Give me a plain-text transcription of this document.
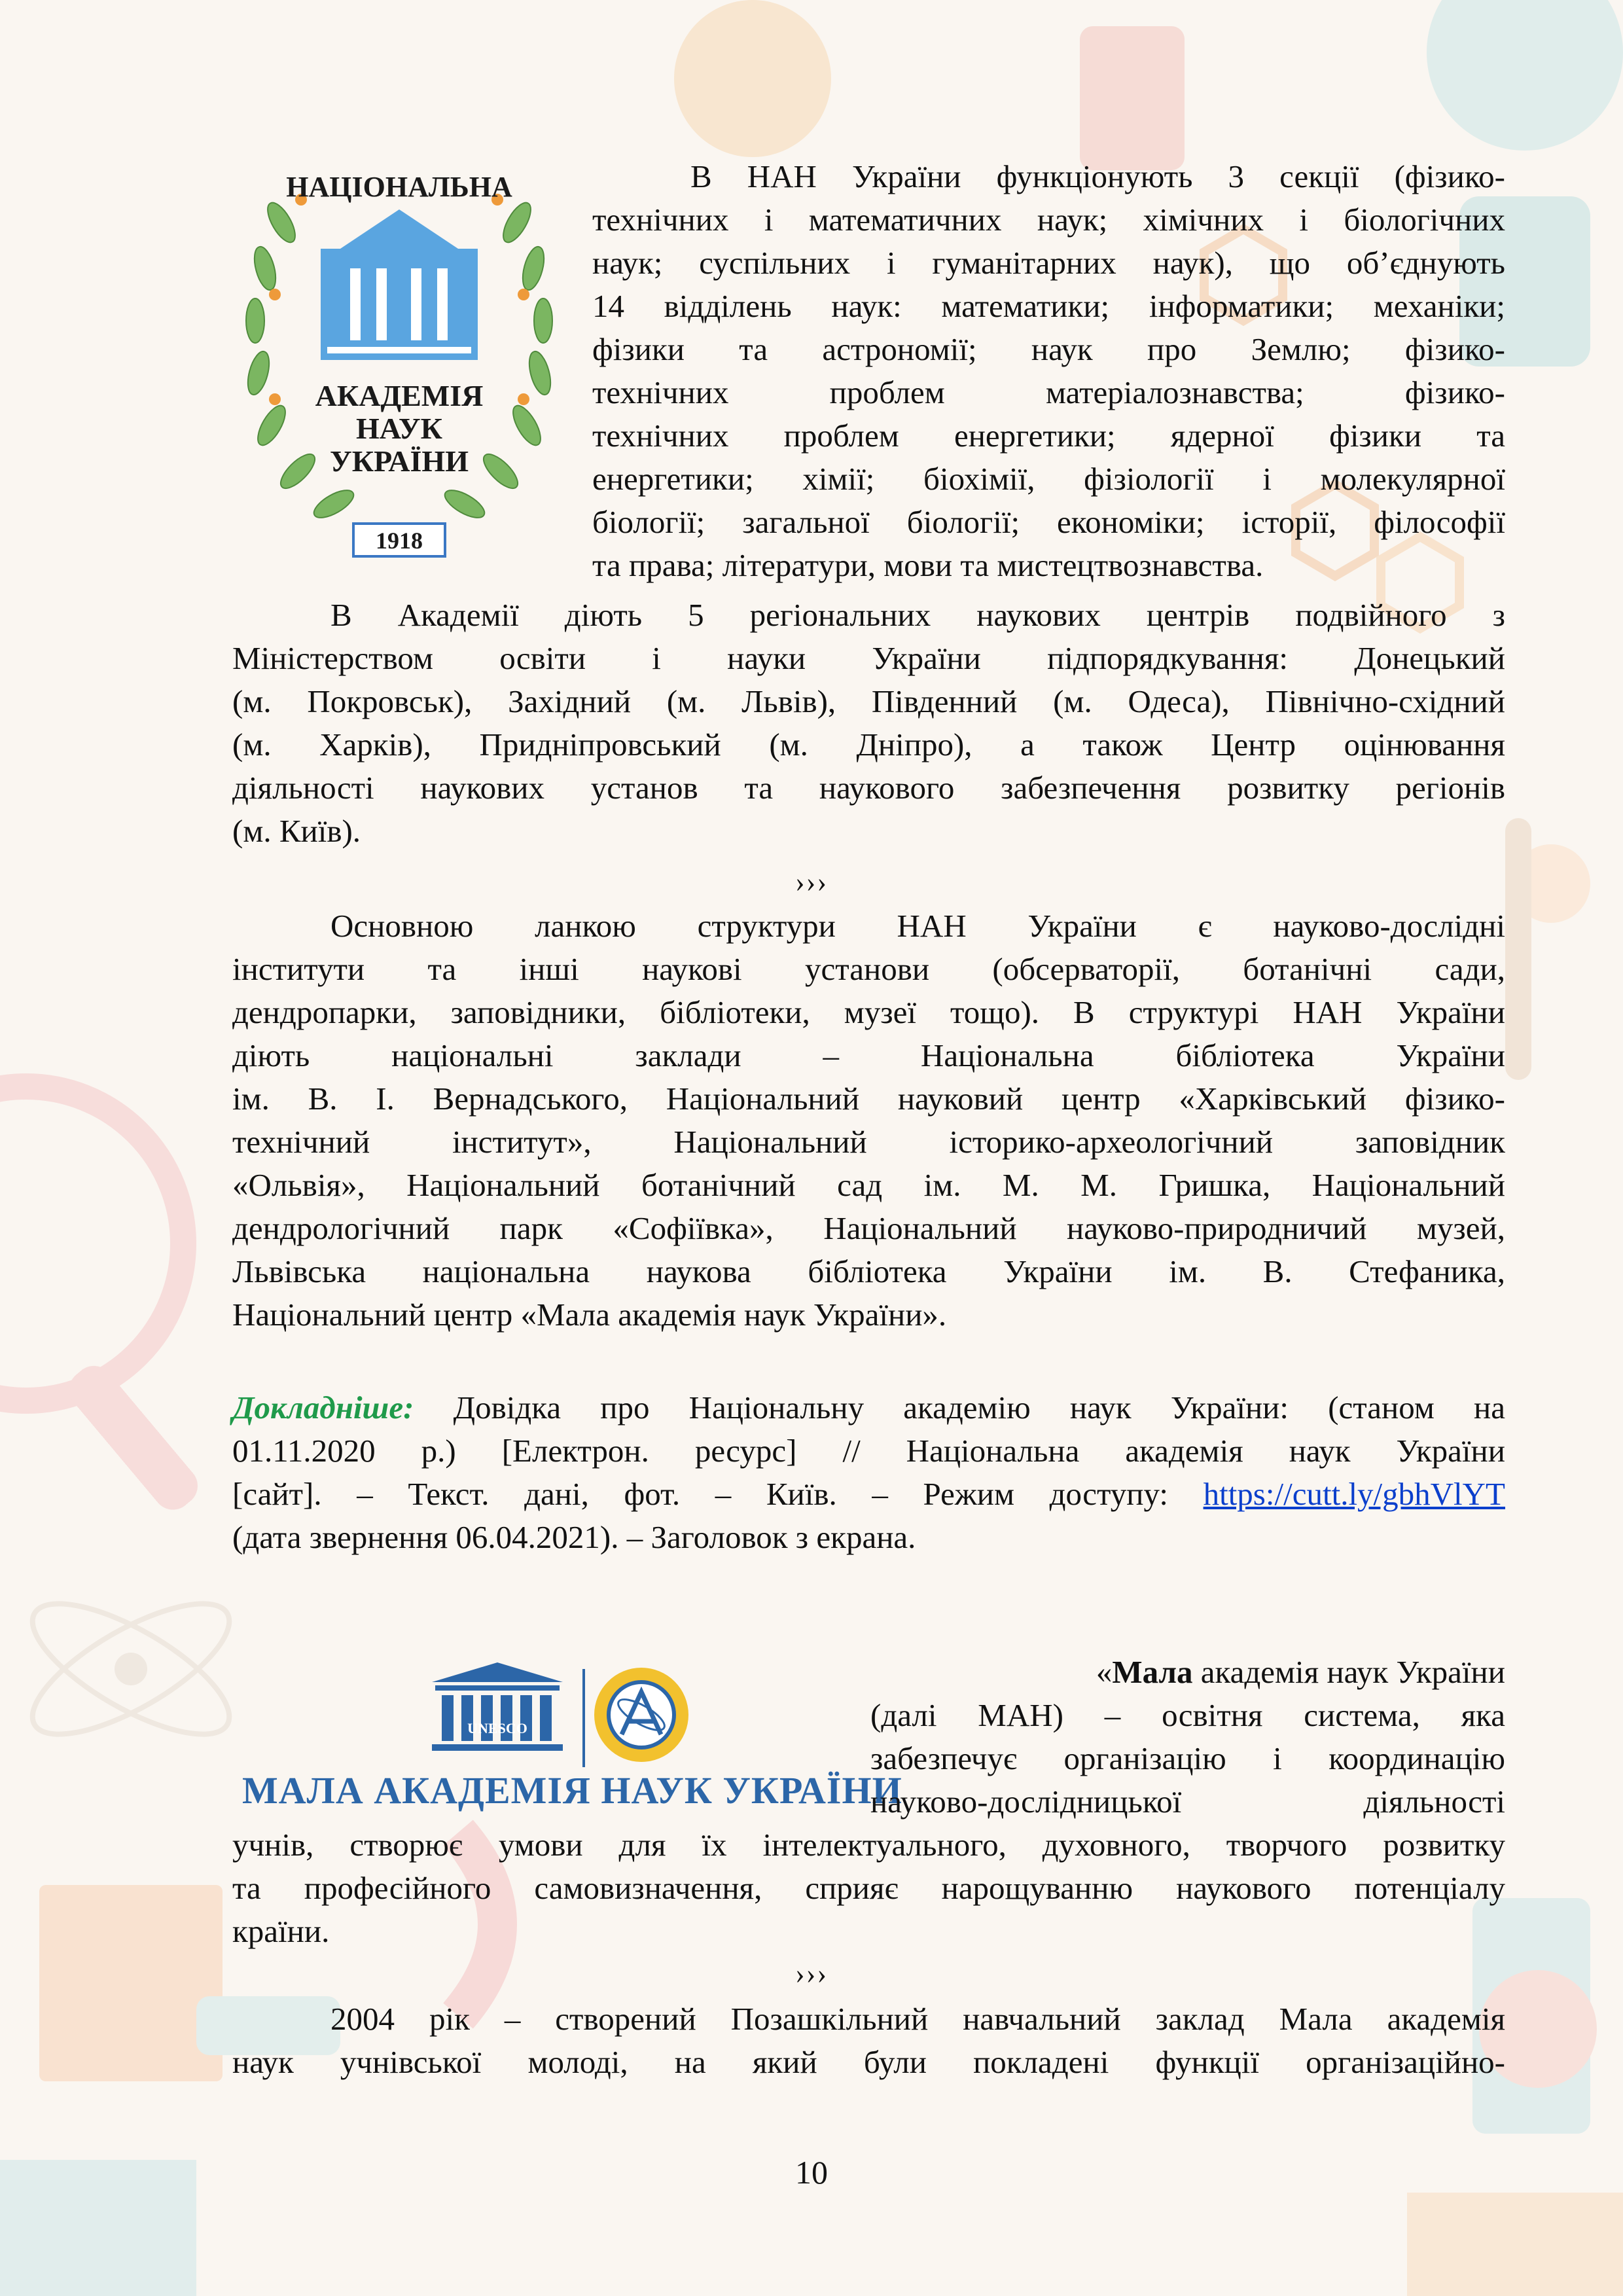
НАЦІОНАЛЬНА
АКАДЕМІЯ
НАУК
УКРАЇНИ
1918
В НАН України функціонують 3 секції (фізико-
технічних і математичних наук; хімічних і біологічних
наук; суспільних і гуманітарних наук), що об’єднують
14 відділень наук: математики; інформатики; механіки;
фізики та астрономії; наук про Землю; фізико-
технічних проблем матеріалознавства; фізико-
технічних проблем енергетики; ядерної фізики та
енергетики; хімії; біохімії, фізіології і молекулярної
біології; загальної біології; економіки; історії, філософії
та права; літератури, мови та мистецтвознавства.
В Академії діють 5 регіональних наукових центрів подвійного з
Міністерством освіти і науки України підпорядкування: Донецький
(м. Покровськ), Західний (м. Львів), Південний (м. Одеса), Північно-східний
(м. Харків), Придніпровський (м. Дніпро), а також Центр оцінювання
діяльності наукових установ та наукового забезпечення розвитку регіонів
(м. Київ).
›››
Основною ланкою структури НАН України є науково-дослідні
інститути та інші наукові установи (обсерваторії, ботанічні сади,
дендропарки, заповідники, бібліотеки, музеї тощо). В структурі НАН України
діють національні заклади – Національна бібліотека України
ім. В. І. Вернадського, Національний науковий центр «Харківський фізико-
технічний інститут», Національний історико-археологічний заповідник
«Ольвія», Національний ботанічний сад ім. М. М. Гришка, Національний
дендрологічний парк «Софіївка», Національний науково-природничий музей,
Львівська національна наукова бібліотека України ім. В. Стефаника,
Національний центр «Мала академія наук України».
Докладніше: Довідка про Національну академію наук України: (станом на
01.11.2020 р.) [Електрон. ресурс] // Національна академія наук України
[сайт]. – Текст. дані, фот. – Київ. – Режим доступу: https://cutt.ly/gbhVlYT
(дата звернення 06.04.2021). – Заголовок з екрана.
UNESCO
МАЛА АКАДЕМІЯ НАУК УКРАЇНИ
«Мала академія наук України
(далі МАН) – освітня система, яка
забезпечує організацію і координацію
науково-дослідницької діяльності
учнів, створює умови для їх інтелектуального, духовного, творчого розвитку
та професійного самовизначення, сприяє нарощуванню наукового потенціалу
країни.
›››
2004 рік – створений Позашкільний навчальний заклад Мала академія
наук учнівської молоді, на який були покладені функції організаційно-
10
